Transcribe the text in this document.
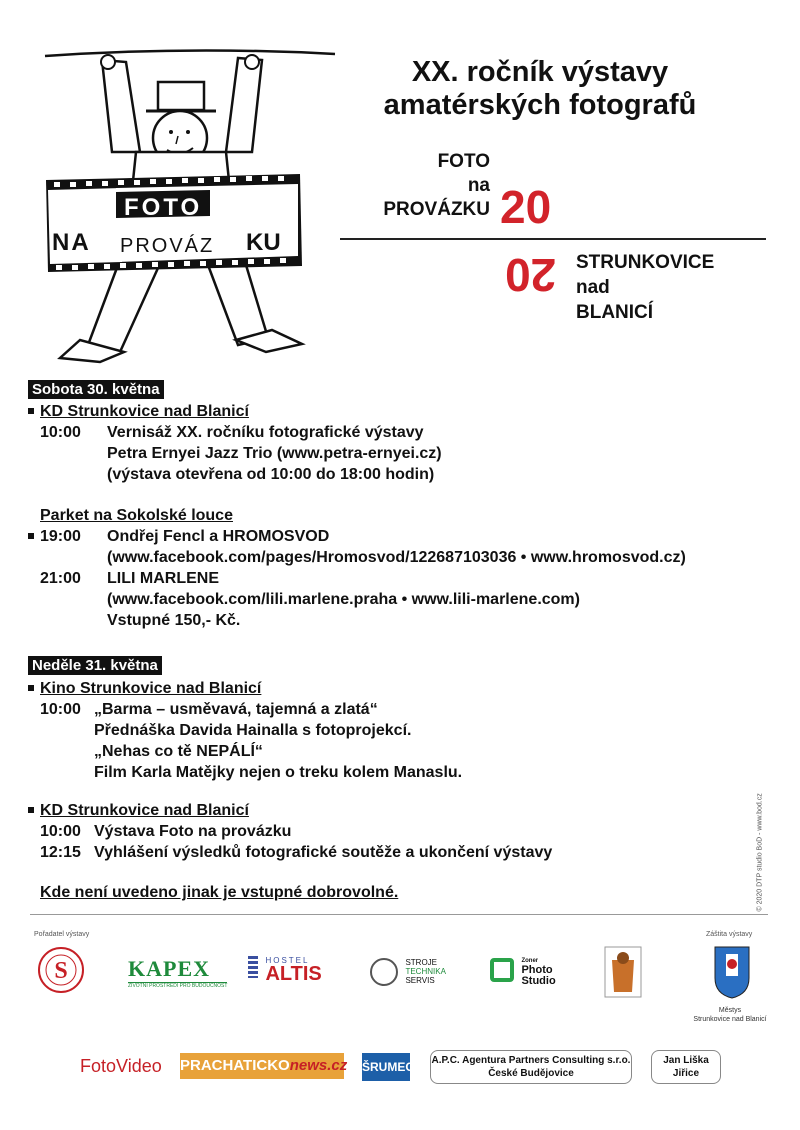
FOTO
NA PROVÁZ KU
XX. ročník výstavy
amatérských fotografů
FOTO
na
PROVÁZKU 20
20 STRUNKOVICE
nad
BLANICÍ
Sobota 30. května
KD Strunkovice nad Blanicí
10:00 Vernisáž XX. ročníku fotografické výstavy
Petra Ernyei Jazz Trio (www.petra-ernyei.cz)
(výstava otevřena od 10:00 do 18:00 hodin)
Parket na Sokolské louce
19:00 Ondřej Fencl a HROMOSVOD
(www.facebook.com/pages/Hromosvod/122687103036 • www.hromosvod.cz)
21:00 LILI MARLENE
(www.facebook.com/lili.marlene.praha • www.lili-marlene.com)
Vstupné 150,- Kč.
Neděle 31. května
Kino Strunkovice nad Blanicí
10:00 „Barma – usměvavá, tajemná a zlatá“
Přednáška Davida Hainalla s fotoprojekcí.
„Nehas co tě NEPÁLÍ“
Film Karla Matějky nejen o treku kolem Manaslu.
KD Strunkovice nad Blanicí
10:00 Výstava Foto na provázku
12:15 Vyhlášení výsledků fotografické soutěže a ukončení výstavy
Kde není uvedeno jinak je vstupné dobrovolné.	© 2020 DTP studio BoD - www.bod.cz
Pořadatel výstavy
S	KAPEX
ŽIVOTNÍ PROSTŘEDÍ PRO BUDOUCNOST

HOSTEL
ALTIS

STROJE
TECHNIKA
SERVIS

Zoner
Photo
Studio
Záštita výstavy
Městys
Strunkovice nad Blanicí
FotoVideo PRACHATICKOnews.cz ŠRUMEC A.P.C. Agentura Partners Consulting s.r.o.
České Budějovice
Jan Liška
Jiřice
